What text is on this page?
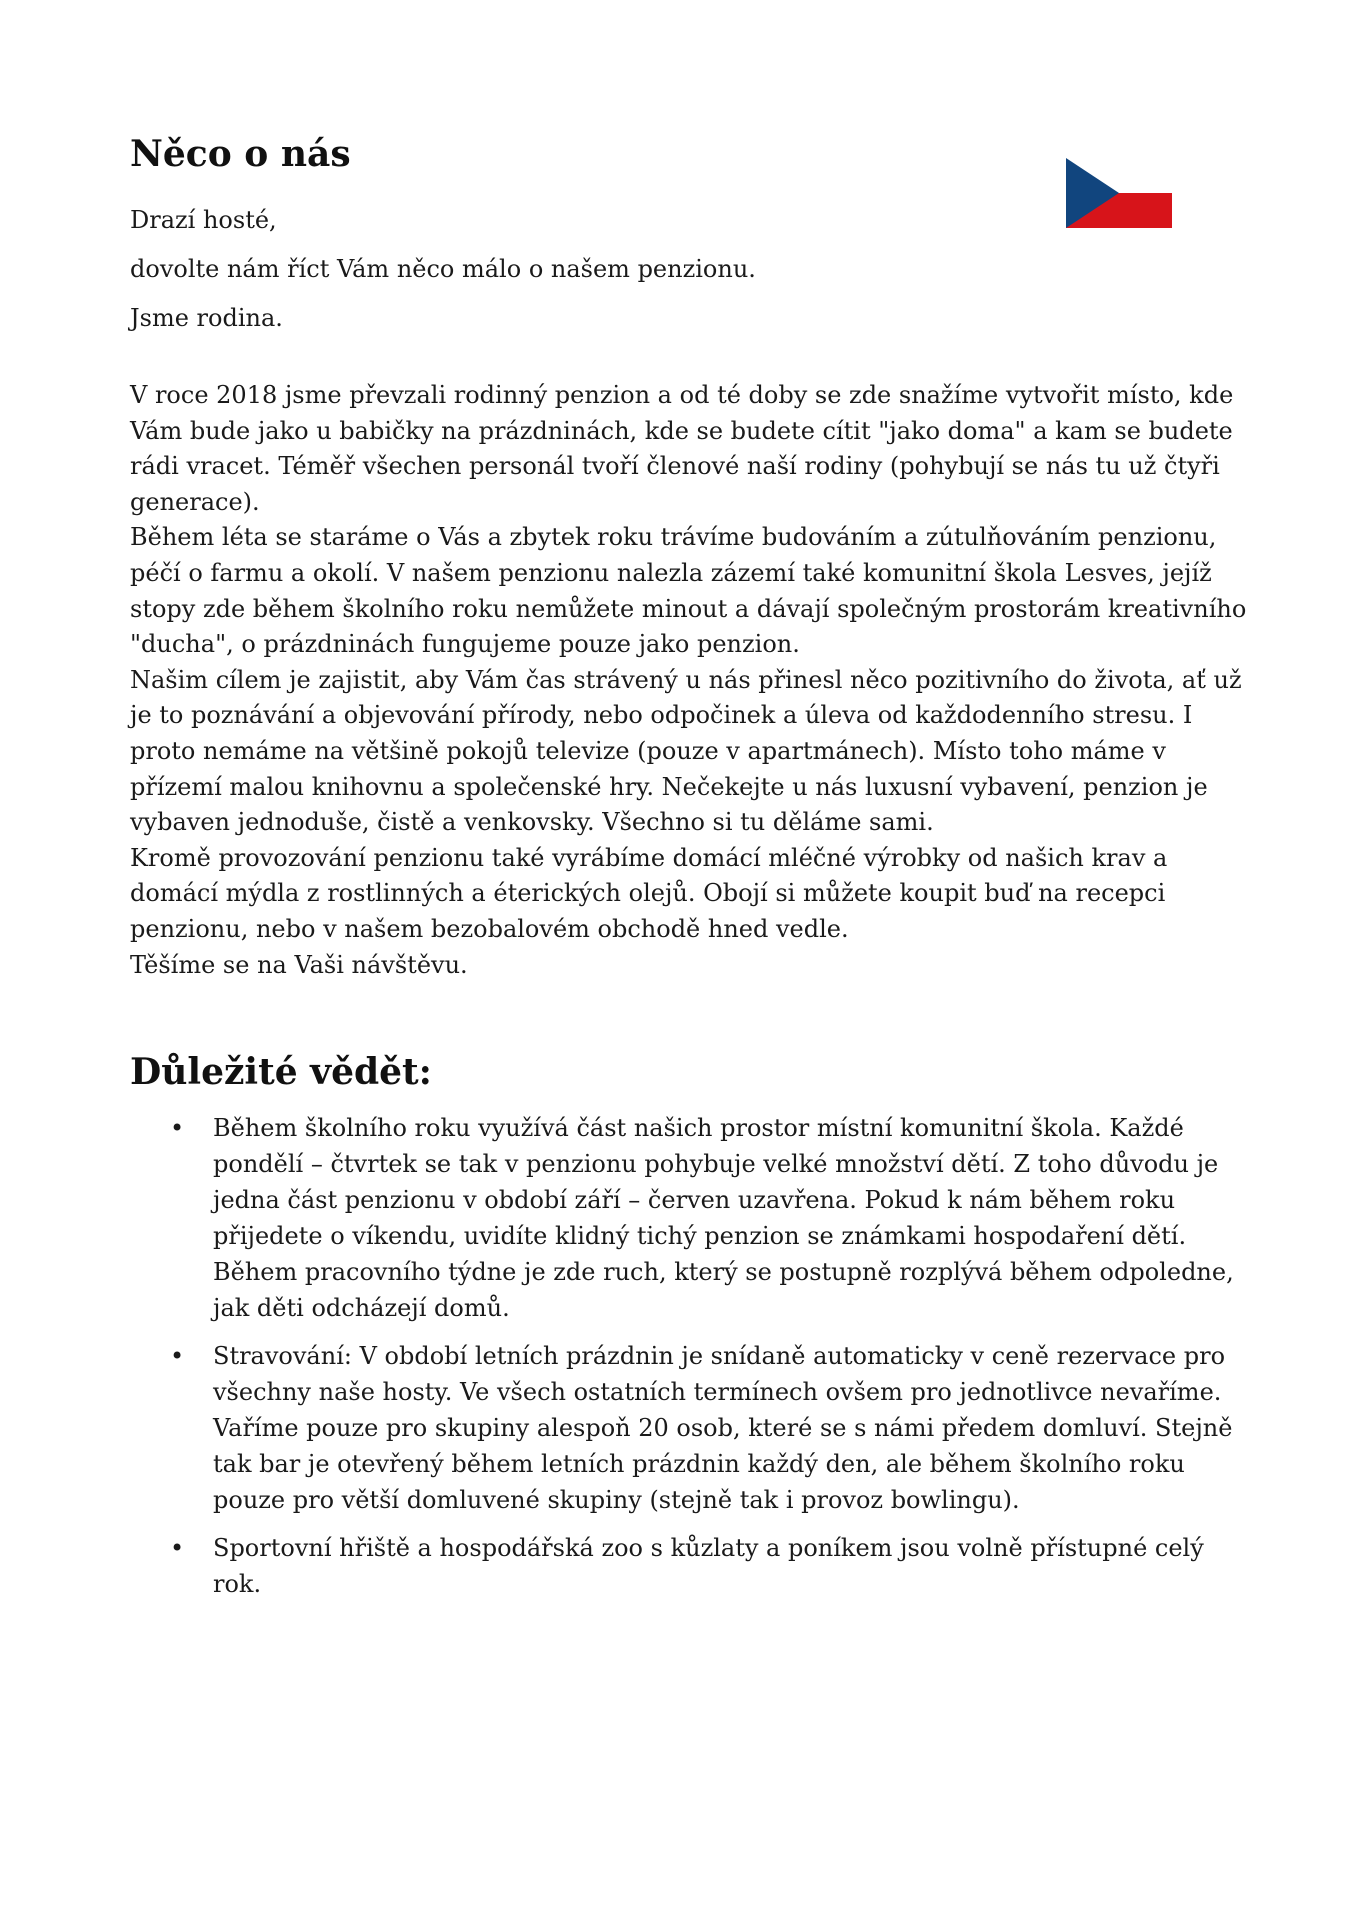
Něco o nás

Drazí hosté,

dovolte nám říct Vám něco málo o našem penzionu.

Jsme rodina.

V roce 2018 jsme převzali rodinný penzion a od té doby se zde snažíme vytvořit místo, kde Vám bude jako u babičky na prázdninách, kde se budete cítit "jako doma" a kam se budete rádi vracet. Téměř všechen personál tvoří členové naší rodiny (pohybují se nás tu už čtyři generace).

Během léta se staráme o Vás a zbytek roku trávíme budováním a zútulňováním penzionu, péčí o farmu a okolí. V našem penzionu nalezla zázemí také komunitní škola Lesves, jejíž stopy zde během školního roku nemůžete minout a dávají společným prostorám kreativního "ducha", o prázdninách fungujeme pouze jako penzion.

Našim cílem je zajistit, aby Vám čas strávený u nás přinesl něco pozitivního do života, ať už je to poznávání a objevování přírody, nebo odpočinek a úleva od každodenního stresu. I proto nemáme na většině pokojů televize (pouze v apartmánech). Místo toho máme v přízemí malou knihovnu a společenské hry. Nečekejte u nás luxusní vybavení, penzion je vybaven jednoduše, čistě a venkovsky. Všechno si tu děláme sami.

Kromě provozování penzionu také vyrábíme domácí mléčné výrobky od našich krav a domácí mýdla z rostlinných a éterických olejů. Obojí si můžete koupit buď na recepci penzionu, nebo v našem bezobalovém obchodě hned vedle.

Těšíme se na Vaši návštěvu.

Důležité vědět:
• Během školního roku využívá část našich prostor místní komunitní škola. Každé pondělí – čtvrtek se tak v penzionu pohybuje velké množství dětí. Z toho důvodu je jedna část penzionu v období září – červen uzavřena. Pokud k nám během roku přijedete o víkendu, uvidíte klidný tichý penzion se známkami hospodaření dětí. Během pracovního týdne je zde ruch, který se postupně rozplývá během odpoledne, jak děti odcházejí domů.
• Stravování: V období letních prázdnin je snídaně automaticky v ceně rezervace pro všechny naše hosty. Ve všech ostatních termínech ovšem pro jednotlivce nevaříme. Vaříme pouze pro skupiny alespoň 20 osob, které se s námi předem domluví. Stejně tak bar je otevřený během letních prázdnin každý den, ale během školního roku pouze pro větší domluvené skupiny (stejně tak i provoz bowlingu).
• Sportovní hřiště a hospodářská zoo s kůzlaty a poníkem jsou volně přístupné celý rok.
